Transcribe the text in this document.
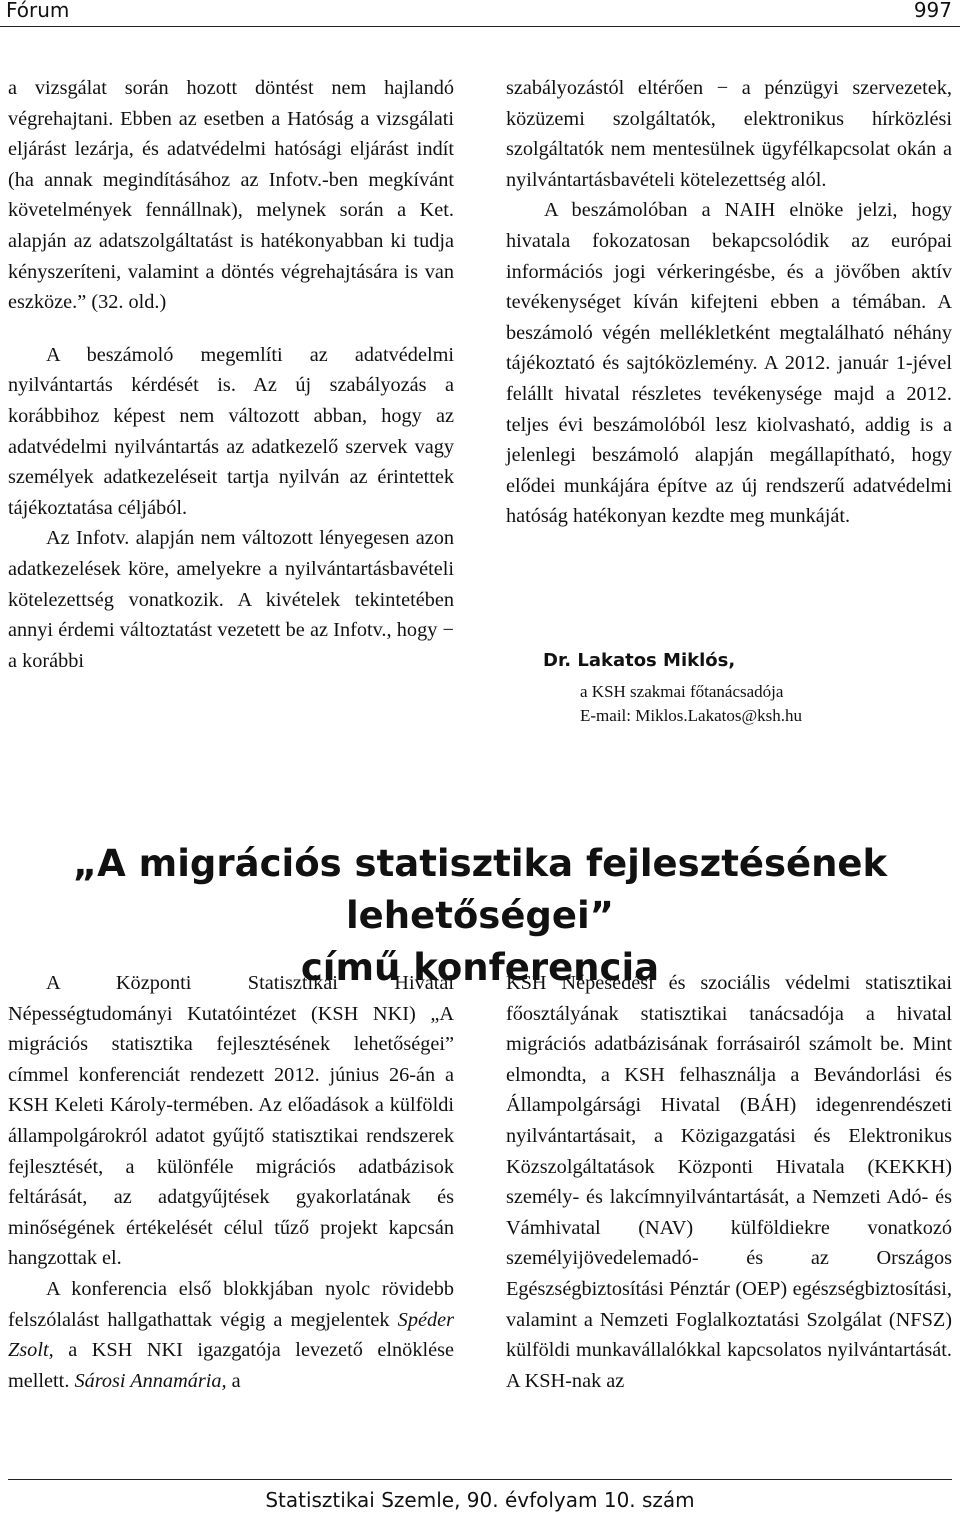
Fórum	997

a vizsgálat során hozott döntést nem hajlandó végrehajtani. Ebben az esetben a Hatóság a vizsgálati eljárást lezárja, és adatvédelmi hatósági eljárást indít (ha annak megindításához az Infotv.-ben megkívánt követelmények fennállnak), melynek során a Ket. alapján az adatszolgáltatást is hatékonyabban ki tudja kényszeríteni, valamint a döntés végrehajtására is van eszköze.” (32. old.)

A beszámoló megemlíti az adatvédelmi nyilvántartás kérdését is. Az új szabályozás a korábbihoz képest nem változott abban, hogy az adatvédelmi nyilvántartás az adatkezelő szervek vagy személyek adatkezeléseit tartja nyilván az érintettek tájékoztatása céljából.

Az Infotv. alapján nem változott lényegesen azon adatkezelések köre, amelyekre a nyilvántartásbavételi kötelezettség vonatkozik. A kivételek tekintetében annyi érdemi változtatást vezetett be az Infotv., hogy − a korábbi

szabályozástól eltérően − a pénzügyi szervezetek, közüzemi szolgáltatók, elektronikus hírközlési szolgáltatók nem mentesülnek ügyfélkapcsolat okán a nyilvántartásbavételi kötelezettség alól.

A beszámolóban a NAIH elnöke jelzi, hogy hivatala fokozatosan bekapcsolódik az európai információs jogi vérkeringésbe, és a jövőben aktív tevékenységet kíván kifejteni ebben a témában. A beszámoló végén mellékletként megtalálható néhány tájékoztató és sajtóközlemény. A 2012. január 1-jével felállt hivatal részletes tevékenysége majd a 2012. teljes évi beszámolóból lesz kiolvasható, addig is a jelenlegi beszámoló alapján megállapítható, hogy elődei munkájára építve az új rendszerű adatvédelmi hatóság hatékonyan kezdte meg munkáját.

Dr. Lakatos Miklós,
a KSH szakmai főtanácsadója
E-mail: Miklos.Lakatos@ksh.hu
„A migrációs statisztika fejlesztésének lehetőségei”
című konferencia

A Központi Statisztikai Hivatal Népességtudományi Kutatóintézet (KSH NKI) „A migrációs statisztika fejlesztésének lehetőségei” címmel konferenciát rendezett 2012. június 26-án a KSH Keleti Károly-termében. Az előadások a külföldi állampolgárokról adatot gyűjtő statisztikai rendszerek fejlesztését, a különféle migrációs adatbázisok feltárását, az adatgyűjtések gyakorlatának és minőségének értékelését célul tűző projekt kapcsán hangzottak el.

A konferencia első blokkjában nyolc rövidebb felszólalást hallgathattak végig a megjelentek Spéder Zsolt, a KSH NKI igazgatója levezető elnöklése mellett. Sárosi Annamária, a

KSH Népesedési és szociális védelmi statisztikai főosztályának statisztikai tanácsadója a hivatal migrációs adatbázisának forrásairól számolt be. Mint elmondta, a KSH felhasználja a Bevándorlási és Állampolgársági Hivatal (BÁH) idegenrendészeti nyilvántartásait, a Közigazgatási és Elektronikus Közszolgáltatások Központi Hivatala (KEKKH) személy- és lakcímnyilvántartását, a Nemzeti Adó- és Vámhivatal (NAV) külföldiekre vonatkozó személyijövedelemadó- és az Országos Egészségbiztosítási Pénztár (OEP) egészségbiztosítási, valamint a Nemzeti Foglalkoztatási Szolgálat (NFSZ) külföldi munkavállalókkal kapcsolatos nyilvántartását. A KSH-nak az

Statisztikai Szemle, 90. évfolyam 10. szám
